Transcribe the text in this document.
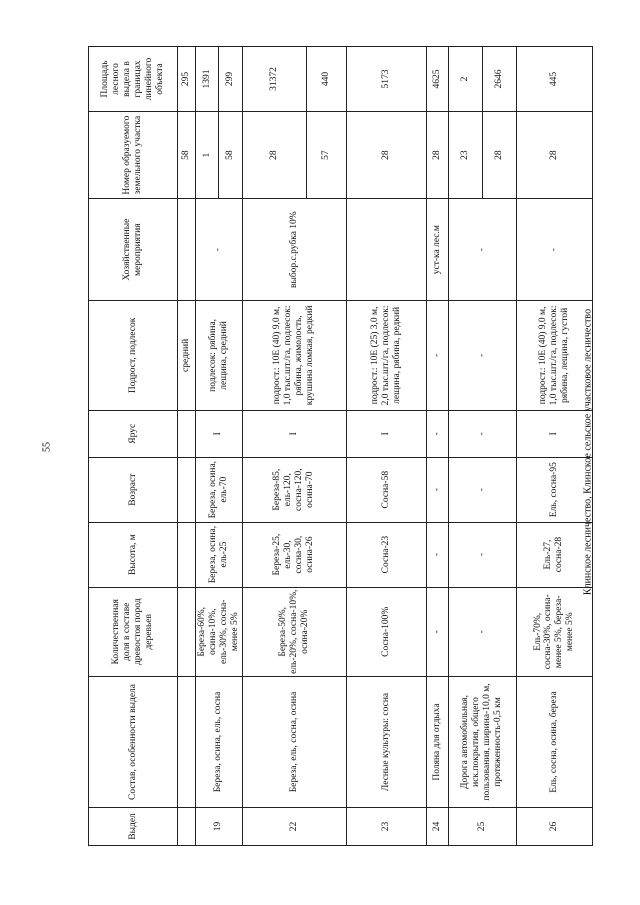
55
Выдел	Состав, особенности выдела	Количественная доля в составе древостоя пород деревьев	Высота, м	Возраст	Ярус	Подрост, подлесок	Хозяйственные мероприятия	Номер образуемого земельного участка	Площадь лесного выдела в границах линейного объекта
						средний		58	295
19	Береза, осина, ель, сосна	Береза-60%, осина-10%, ель-30%, сосна-менее 5%	Береза, осина, ель-25	Береза, осина, ель-70	I	подлесок: рябина, лещина, средний	-	1	1391
								58	299
22	Береза, ель, сосна, осина	Береза-50%, ель-20%, сосна-10%, осина-20%	Береза-25, ель-30, сосна-30, осина-26	Береза-85, ель-120, сосна-120, осина-70	I	подрост.: 10Е (40) 9,0 м, 1,0 тыс.шт./га, подлесок: рябина, жимолость, крушина ломкая, редкий	выбор.с.рубка 10%	28	31372
								57	440
23	Лесные культуры: сосна	Сосна-100%	Сосна-23	Сосна-58	I	подрост.: 10Е (25) 3,0 м, 2,0 тыс.шт./га, подлесок: лещина, рябина, редкий		28	5173
24	Поляна для отдыха	-	-	-	-	-	уст-ка лес.м	28	4625
25	Дорога автомобильная, иск.покрытия, общего пользования, ширина-10,0 м, протяженность-0,5 км	-	-	-	-	-	-	23	2
								28	2646
26	Ель, сосна, осина, береза	Ель-70%, сосна-30%, осина-менее 5%, береза-менее 5%	Ель-27, сосна-28	Ель, сосна-95	I	подрост.: 10Е (40) 9,0 м, 1,0 тыс.шт./га, подлесок: рябина, лещина, густой	-	28	445
Клинское лесничество, Клинское сельское участковое лесничество
